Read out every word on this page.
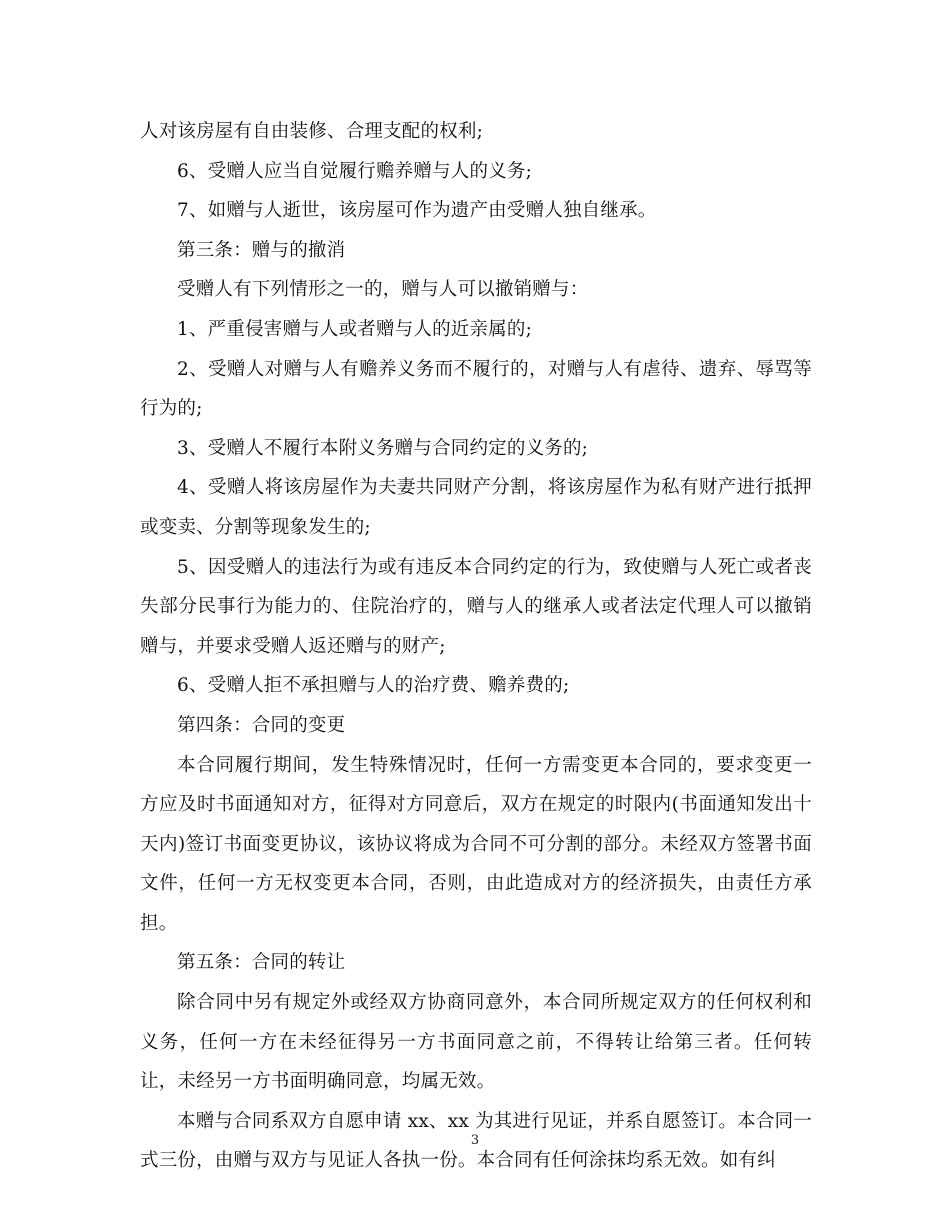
人对该房屋有自由装修、合理支配的权利;

6、受赠人应当自觉履行赡养赠与人的义务;

7、如赠与人逝世，该房屋可作为遗产由受赠人独自继承。

第三条：赠与的撤消

受赠人有下列情形之一的，赠与人可以撤销赠与：

1、严重侵害赠与人或者赠与人的近亲属的;

2、受赠人对赠与人有赡养义务而不履行的，对赠与人有虐待、遗弃、辱骂等行为的;

3、受赠人不履行本附义务赠与合同约定的义务的;

4、受赠人将该房屋作为夫妻共同财产分割，将该房屋作为私有财产进行抵押或变卖、分割等现象发生的;

5、因受赠人的违法行为或有违反本合同约定的行为，致使赠与人死亡或者丧失部分民事行为能力的、住院治疗的，赠与人的继承人或者法定代理人可以撤销赠与，并要求受赠人返还赠与的财产;

6、受赠人拒不承担赠与人的治疗费、赡养费的;

第四条：合同的变更

本合同履行期间，发生特殊情况时，任何一方需变更本合同的，要求变更一方应及时书面通知对方，征得对方同意后，双方在规定的时限内(书面通知发出十天内)签订书面变更协议，该协议将成为合同不可分割的部分。未经双方签署书面文件，任何一方无权变更本合同，否则，由此造成对方的经济损失，由责任方承担。

第五条：合同的转让

除合同中另有规定外或经双方协商同意外，本合同所规定双方的任何权利和义务，任何一方在未经征得另一方书面同意之前，不得转让给第三者。任何转让，未经另一方书面明确同意，均属无效。

本赠与合同系双方自愿申请 xx、xx 为其进行见证，并系自愿签订。本合同一式三份，由赠与双方与见证人各执一份。本合同有任何涂抹均系无效。如有纠

3
